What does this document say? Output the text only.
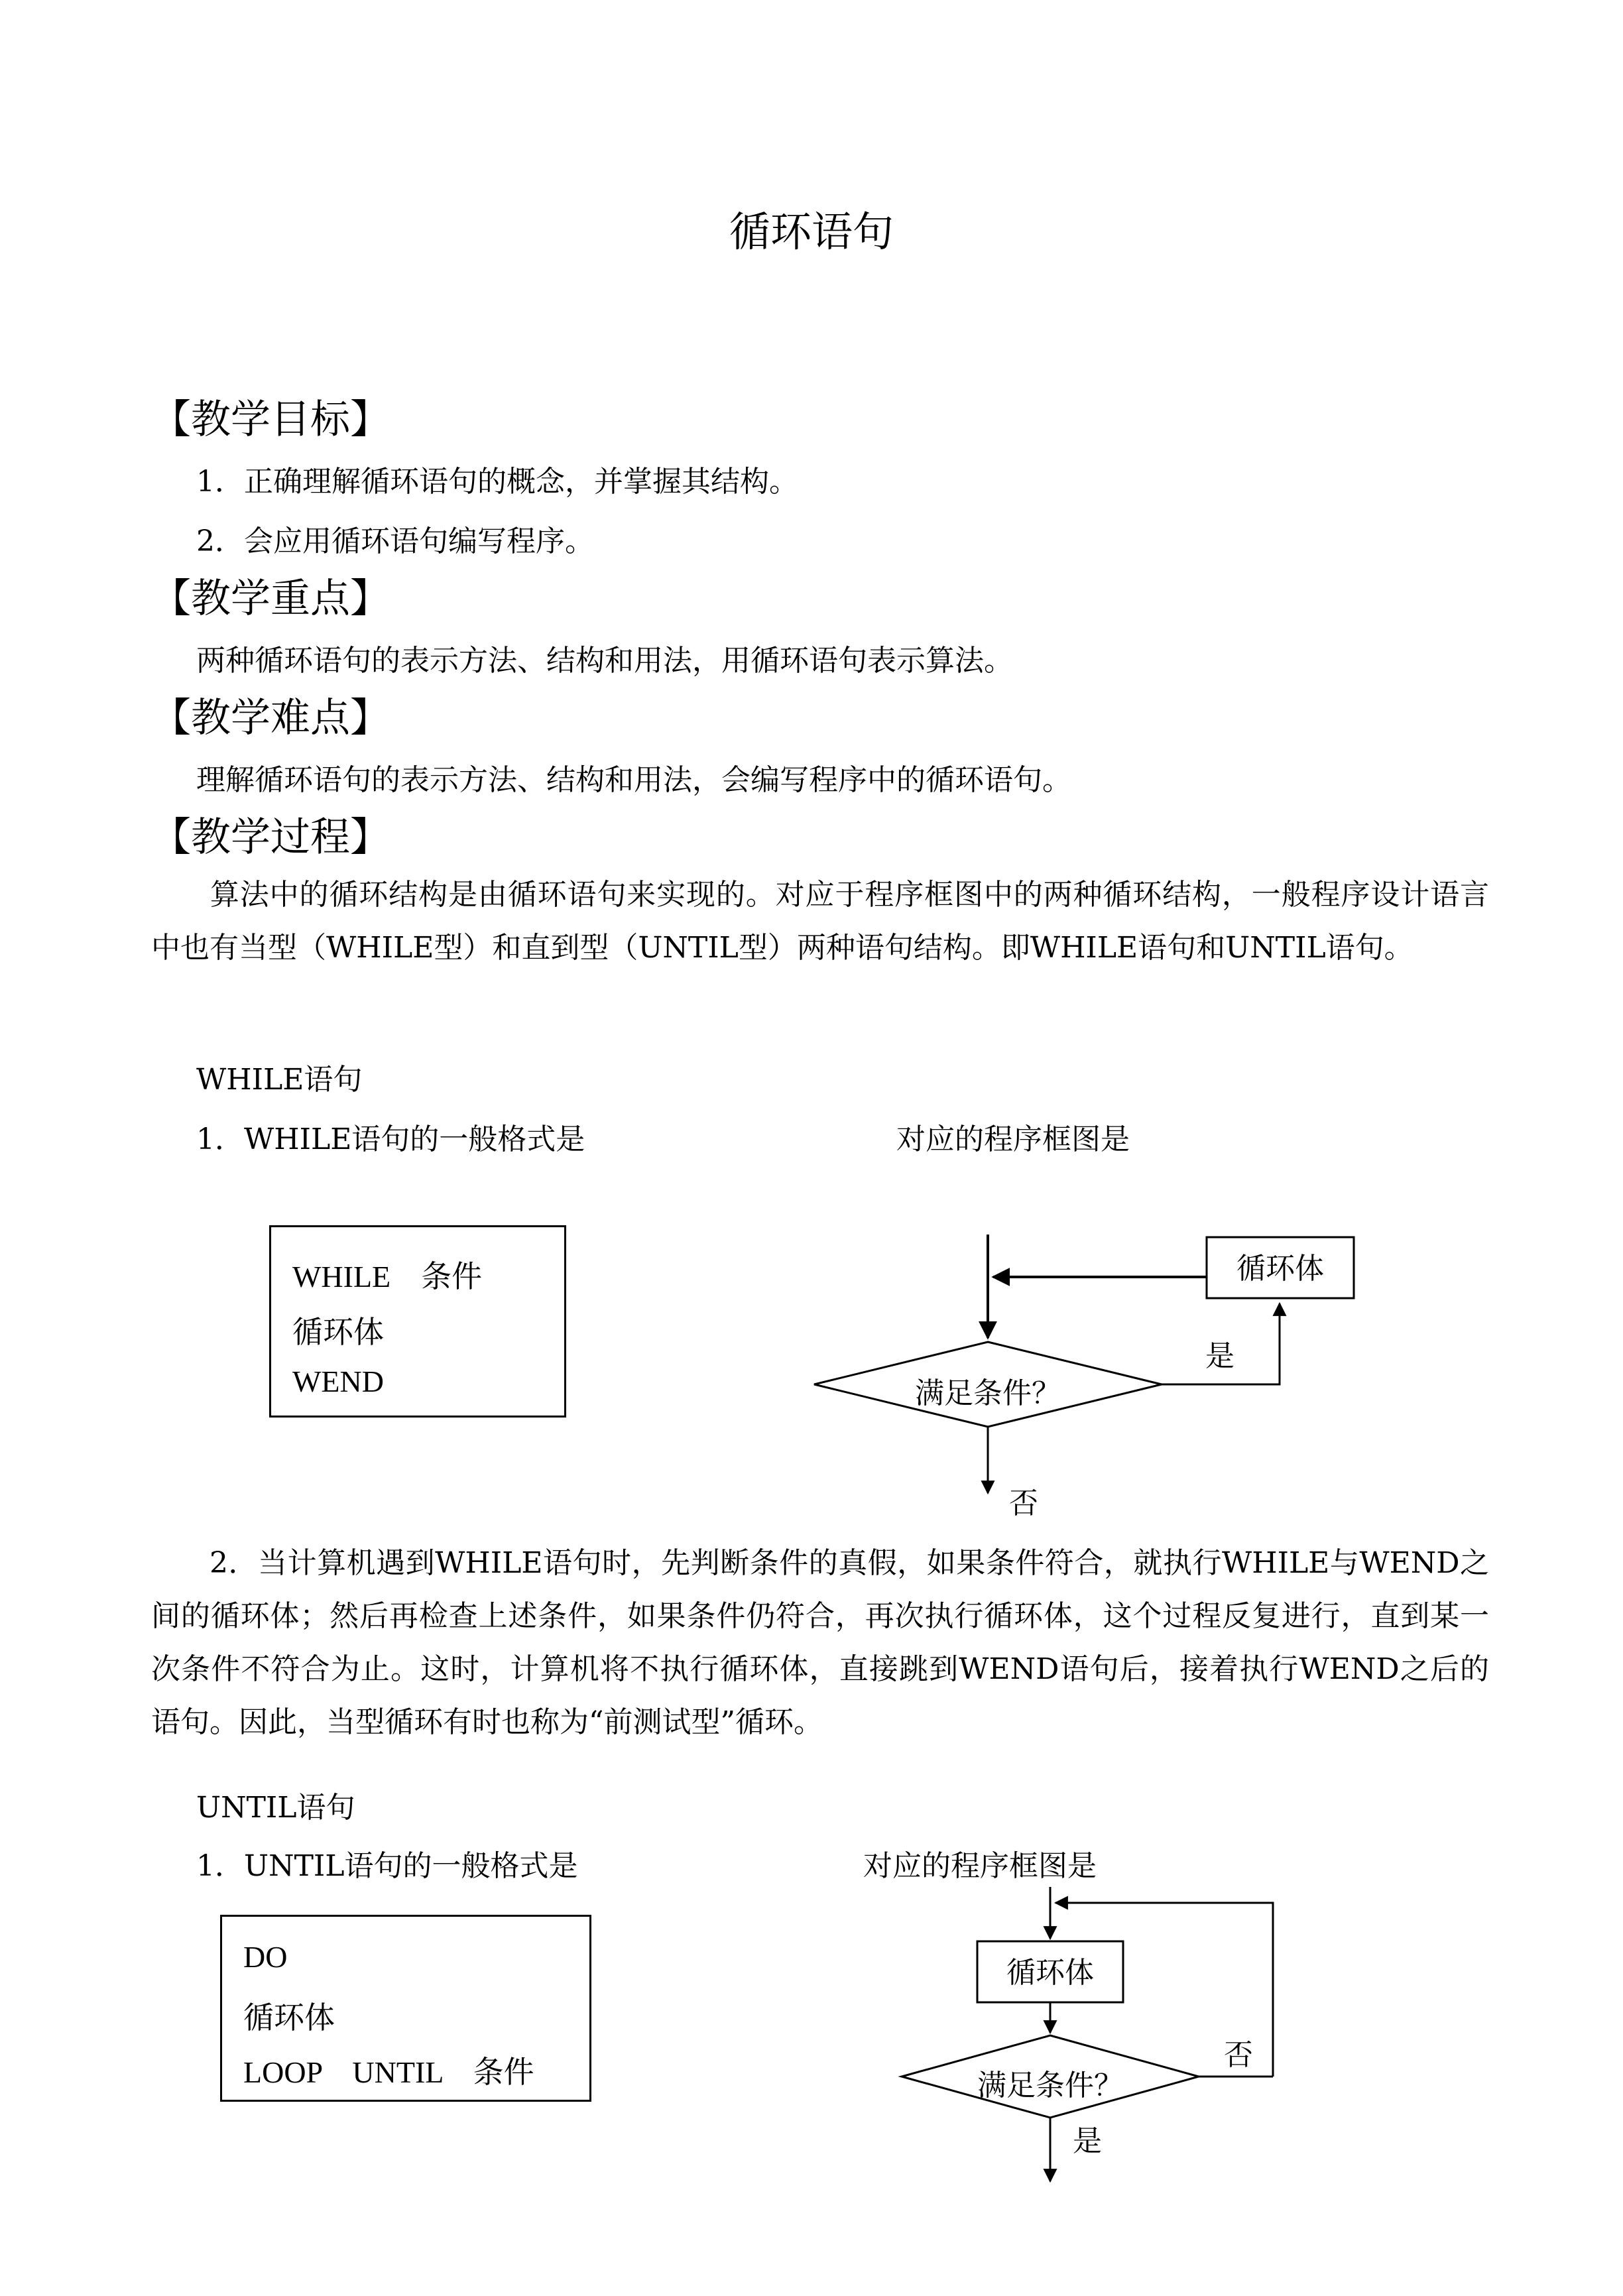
循环语句
【教学目标】
1．正确理解循环语句的概念，并掌握其结构。
2．会应用循环语句编写程序。
【教学重点】
两种循环语句的表示方法、结构和用法，用循环语句表示算法。
【教学难点】
理解循环语句的表示方法、结构和用法，会编写程序中的循环语句。
【教学过程】
算法中的循环结构是由循环语句来实现的。对应于程序框图中的两种循环结构，一般程序设计语言中也有当型（WHILE型）和直到型（UNTIL型）两种语句结构。即WHILE语句和UNTIL语句。
WHILE语句
1．WHILE语句的一般格式是	对应的程序框图是
WHILE　条件
循环体
WEND
循环体
满足条件？
是
否
循环体
满足条件？
否
是
2．当计算机遇到WHILE语句时，先判断条件的真假，如果条件符合，就执行WHILE与WEND之间的循环体；然后再检查上述条件，如果条件仍符合，再次执行循环体，这个过程反复进行，直到某一次条件不符合为止。这时，计算机将不执行循环体，直接跳到WEND语句后，接着执行WEND之后的语句。因此，当型循环有时也称为“前测试型”循环。
UNTIL语句
1．UNTIL语句的一般格式是	对应的程序框图是
DO
循环体
LOOP　UNTIL　条件
